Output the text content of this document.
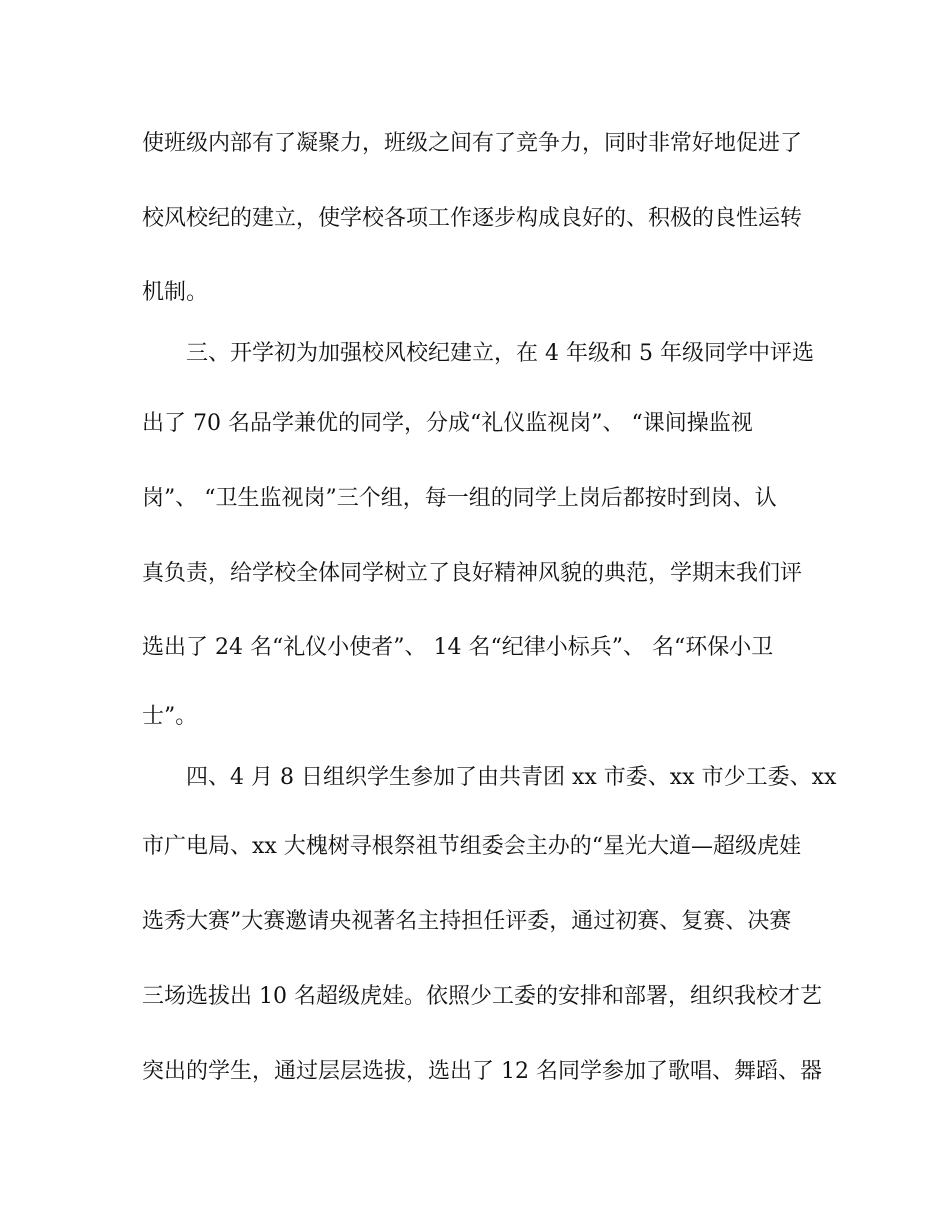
使班级内部有了凝聚力，班级之间有了竞争力，同时非常好地促进了
校风校纪的建立，使学校各项工作逐步构成良好的、积极的良性运转
机制。
三、开学初为加强校风校纪建立，在 4 年级和 5 年级同学中评选
出了 70 名品学兼优的同学，分成“礼仪监视岗”、 “课间操监视
岗”、 “卫生监视岗”三个组，每一组的同学上岗后都按时到岗、认
真负责，给学校全体同学树立了良好精神风貌的典范，学期末我们评
选出了 24 名“礼仪小使者”、 14 名“纪律小标兵”、 名“环保小卫
士”。
四、4 月 8 日组织学生参加了由共青团 xx 市委、xx 市少工委、xx
市广电局、xx 大槐树寻根祭祖节组委会主办的“星光大道—超级虎娃
选秀大赛”大赛邀请央视著名主持担任评委，通过初赛、复赛、决赛
三场选拔出 10 名超级虎娃。依照少工委的安排和部署，组织我校才艺
突出的学生，通过层层选拔，选出了 12 名同学参加了歌唱、舞蹈、器
